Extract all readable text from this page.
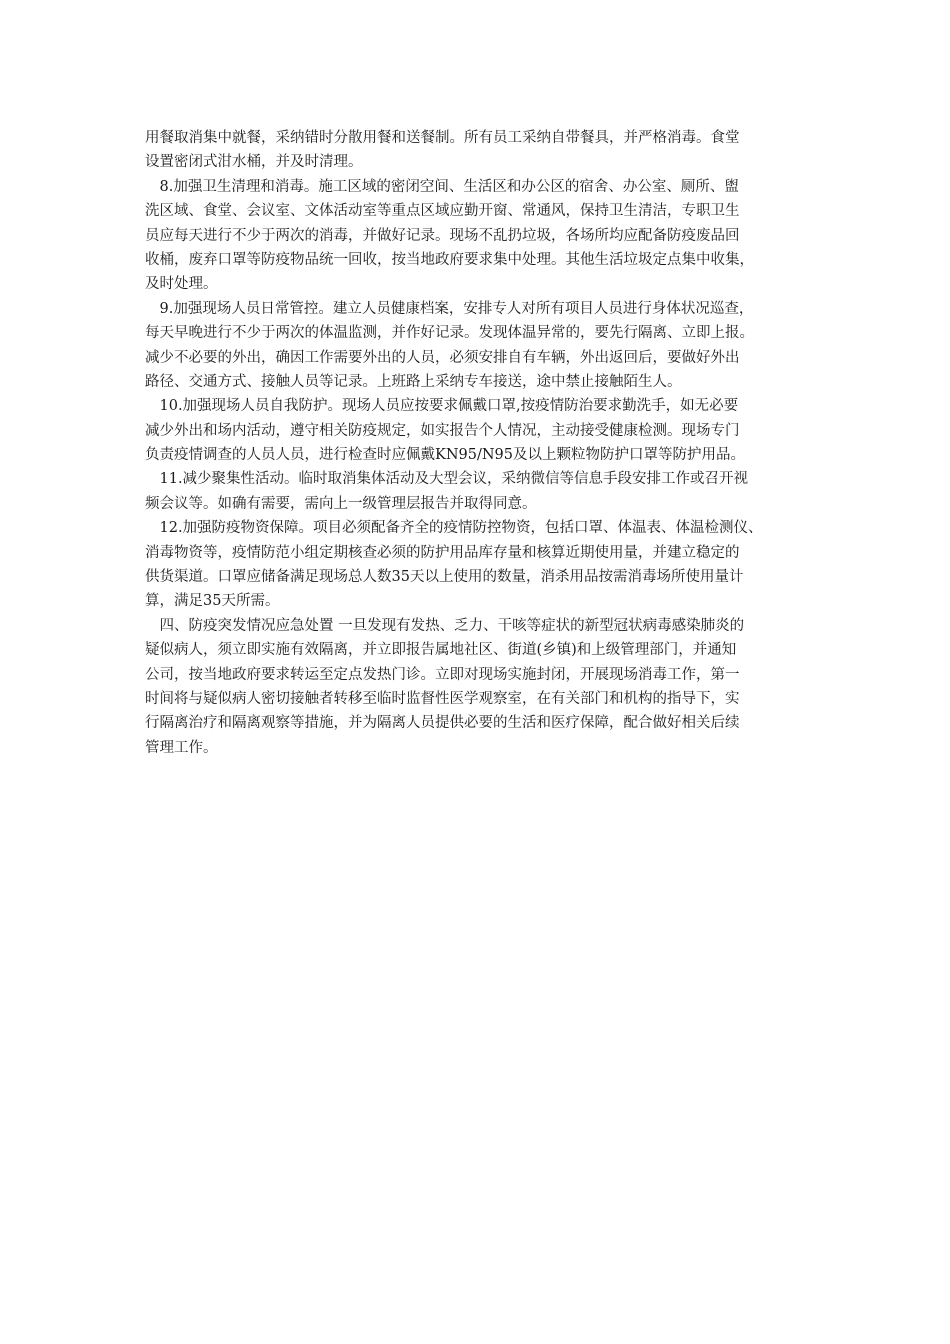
用餐取消集中就餐，采纳错时分散用餐和送餐制。所有员工采纳自带餐具，并严格消毒。食堂
设置密闭式泔水桶，并及时清理。
　8.加强卫生清理和消毒。施工区域的密闭空间、生活区和办公区的宿舍、办公室、厕所、盥
洗区域、食堂、会议室、文体活动室等重点区域应勤开窗、常通风，保持卫生清洁，专职卫生
员应每天进行不少于两次的消毒，并做好记录。现场不乱扔垃圾，各场所均应配备防疫废品回
收桶，废弃口罩等防疫物品统一回收，按当地政府要求集中处理。其他生活垃圾定点集中收集，
及时处理。
　9.加强现场人员日常管控。建立人员健康档案，安排专人对所有项目人员进行身体状况巡查，
每天早晚进行不少于两次的体温监测，并作好记录。发现体温异常的，要先行隔离、立即上报。
减少不必要的外出，确因工作需要外出的人员，必须安排自有车辆，外出返回后，要做好外出
路径、交通方式、接触人员等记录。上班路上采纳专车接送，途中禁止接触陌生人。
　10.加强现场人员自我防护。现场人员应按要求佩戴口罩,按疫情防治要求勤洗手，如无必要
减少外出和场内活动，遵守相关防疫规定，如实报告个人情况，主动接受健康检测。现场专门
负责疫情调查的人员人员，进行检查时应佩戴KN95/N95及以上颗粒物防护口罩等防护用品。
　11.减少聚集性活动。临时取消集体活动及大型会议，采纳微信等信息手段安排工作或召开视
频会议等。如确有需要，需向上一级管理层报告并取得同意。
　12.加强防疫物资保障。项目必须配备齐全的疫情防控物资，包括口罩、体温表、体温检测仪、
消毒物资等，疫情防范小组定期核查必须的防护用品库存量和核算近期使用量，并建立稳定的
供货渠道。口罩应储备满足现场总人数35天以上使用的数量，消杀用品按需消毒场所使用量计
算，满足35天所需。
　四、防疫突发情况应急处置 一旦发现有发热、乏力、干咳等症状的新型冠状病毒感染肺炎的
疑似病人，须立即实施有效隔离，并立即报告属地社区、街道(乡镇)和上级管理部门，并通知
公司，按当地政府要求转运至定点发热门诊。立即对现场实施封闭，开展现场消毒工作，第一
时间将与疑似病人密切接触者转移至临时监督性医学观察室，在有关部门和机构的指导下，实
行隔离治疗和隔离观察等措施，并为隔离人员提供必要的生活和医疗保障，配合做好相关后续
管理工作。
